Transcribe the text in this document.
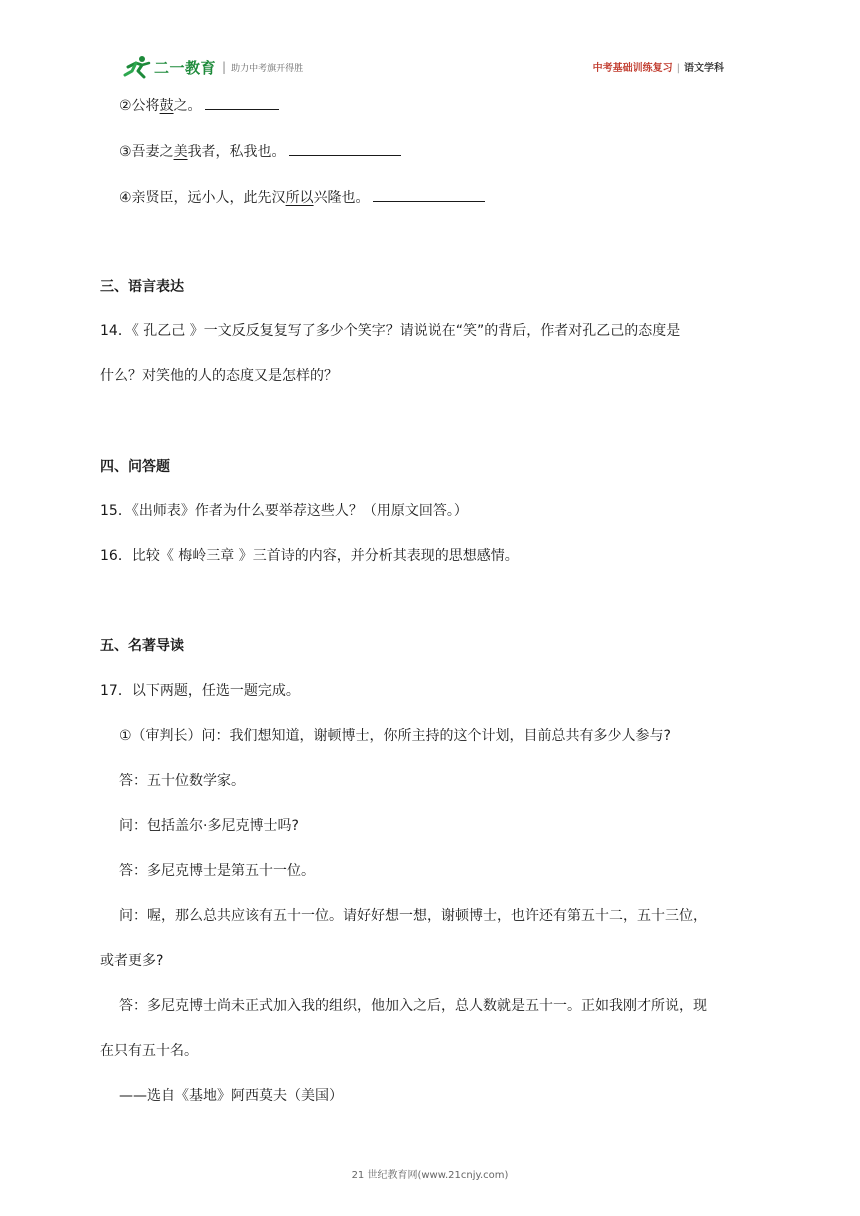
二一教育 | 助力中考旗开得胜	中考基础训练复习 | 语文学科
②公将鼓之。
③吾妻之美我者，私我也。
④亲贤臣，远小人，此先汉所以兴隆也。
三、语言表达
14．《 孔乙己 》一文反反复复写了多少个笑字？请说说在“笑”的背后，作者对孔乙己的态度是
什么？对笑他的人的态度又是怎样的？
四、问答题
15．《出师表》作者为什么要举荐这些人？（用原文回答。）
16．比较《 梅岭三章 》三首诗的内容，并分析其表现的思想感情。
五、名著导读
17．以下两题，任选一题完成。
①（审判长）问：我们想知道，谢顿博士，你所主持的这个计划，目前总共有多少人参与?
答：五十位数学家。
问：包括盖尔·多尼克博士吗?
答：多尼克博士是第五十一位。
问：喔，那么总共应该有五十一位。请好好想一想，谢顿博士，也许还有第五十二，五十三位，
或者更多?
答：多尼克博士尚未正式加入我的组织，他加入之后，总人数就是五十一。正如我刚才所说，现
在只有五十名。
——选自《基地》阿西莫夫（美国）
21 世纪教育网(www.21cnjy.com)
